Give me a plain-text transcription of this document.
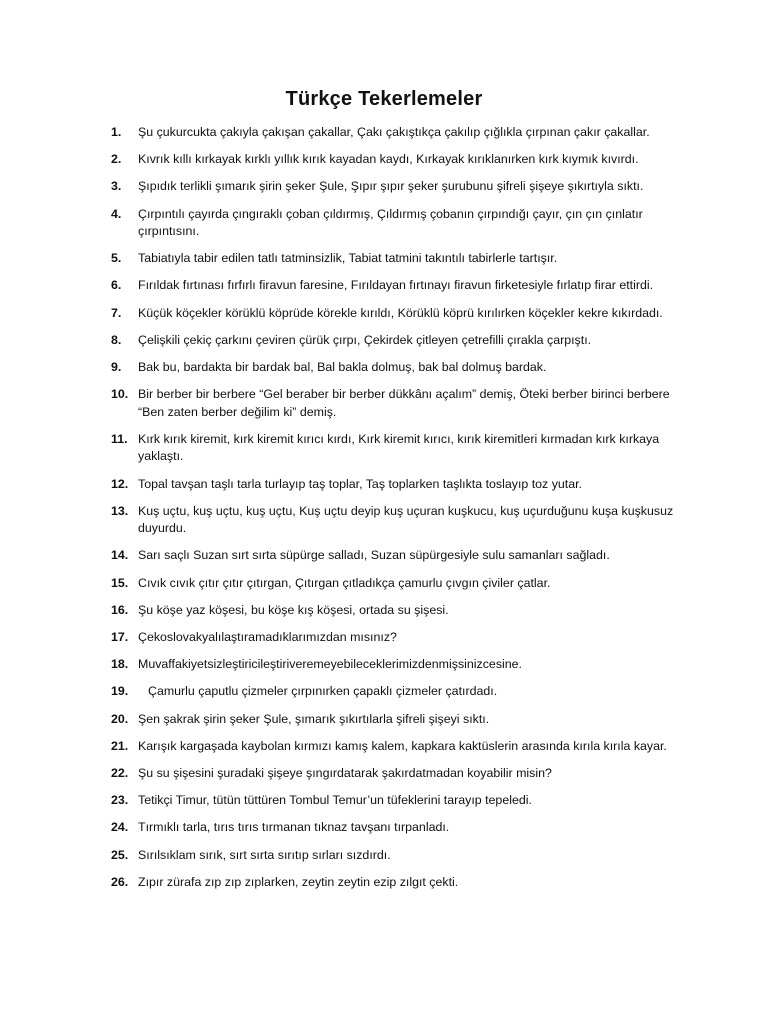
Türkçe Tekerlemeler
1.	Şu çukurcukta çakıyla çakışan çakallar, Çakı çakıştıkça çakılıp çığlıkla çırpınan çakır çakallar.
2.	Kıvrık kıllı kırkayak kırklı yıllık kırık kayadan kaydı, Kırkayak kırıklanırken kırk kıymık kıvırdı.
3.	Şıpıdık terlikli şımarık şirin şeker Şule, Şıpır şıpır şeker şurubunu şifreli şişeye şıkırtıyla sıktı.
4.	Çırpıntılı çayırda çıngıraklı çoban çıldırmış, Çıldırmış çobanın çırpındığı çayır, çın çın çınlatır çırpıntısını.
5.	Tabiatıyla tabir edilen tatlı tatminsizlik, Tabiat tatmini takıntılı tabirlerle tartışır.
6.	Fırıldak fırtınası fırfırlı firavun faresine, Fırıldayan fırtınayı firavun firketesiyle fırlatıp firar ettirdi.
7.	Küçük köçekler körüklü köprüde körekle kırıldı, Körüklü köprü kırılırken köçekler kekre kıkırdadı.
8.	Çelişkili çekiç çarkını çeviren çürük çırpı, Çekirdek çitleyen çetrefilli çırakla çarpıştı.
9.	Bak bu, bardakta bir bardak bal, Bal bakla dolmuş, bak bal dolmuş bardak.
10. Bir berber bir berbere “Gel beraber bir berber dükkânı açalım” demiş, Öteki berber birinci berbere “Ben zaten berber değilim ki” demiş.
11. Kırk kırık kiremit, kırk kiremit kırıcı kırdı, Kırk kiremit kırıcı, kırık kiremitleri kırmadan kırk kırkaya yaklaştı.
12. Topal tavşan taşlı tarla turlayıp taş toplar, Taş toplarken taşlıkta toslayıp toz yutar.
13. Kuş uçtu, kuş uçtu, kuş uçtu, Kuş uçtu deyip kuş uçuran kuşkucu, kuş uçurduğunu kuşa kuşkusuz duyurdu.
14. Sarı saçlı Suzan sırt sırta süpürge salladı, Suzan süpürgesiyle sulu samanları sağladı.
15. Cıvık cıvık çıtır çıtır çıtırgan, Çıtırgan çıtladıkça çamurlu çıvgın çiviler çatlar.
16. Şu köşe yaz köşesi, bu köşe kış köşesi, ortada su şişesi.
17. Çekoslovakyalılaştıramadıklarımızdan mısınız?
18. Muvaffakiyetsizleştiricileştiriveremeyebileceklerimizdenmişsinizcesine.
19.	Çamurlu çaputlu çizmeler çırpınırken çapaklı çizmeler çatırdadı.
20. Şen şakrak şirin şeker Şule, şımarık şıkırtılarla şifreli şişeyi sıktı.
21. Karışık kargaşada kaybolan kırmızı kamış kalem, kapkara kaktüslerin arasında kırıla kırıla kayar.
22. Şu su şişesini şuradaki şişeye şıngırdatarak şakırdatmadan koyabilir misin?
23. Tetikçi Timur, tütün tüttüren Tombul Temur’un tüfeklerini tarayıp tepeledi.
24. Tırmıklı tarla, tırıs tırıs tırmanan tıknaz tavşanı tırpanladı.
25. Sırılsıklam sırık, sırt sırta sırıtıp sırları sızdırdı.
26. Zıpır zürafa zıp zıp zıplarken, zeytin zeytin ezip zılgıt çekti.
